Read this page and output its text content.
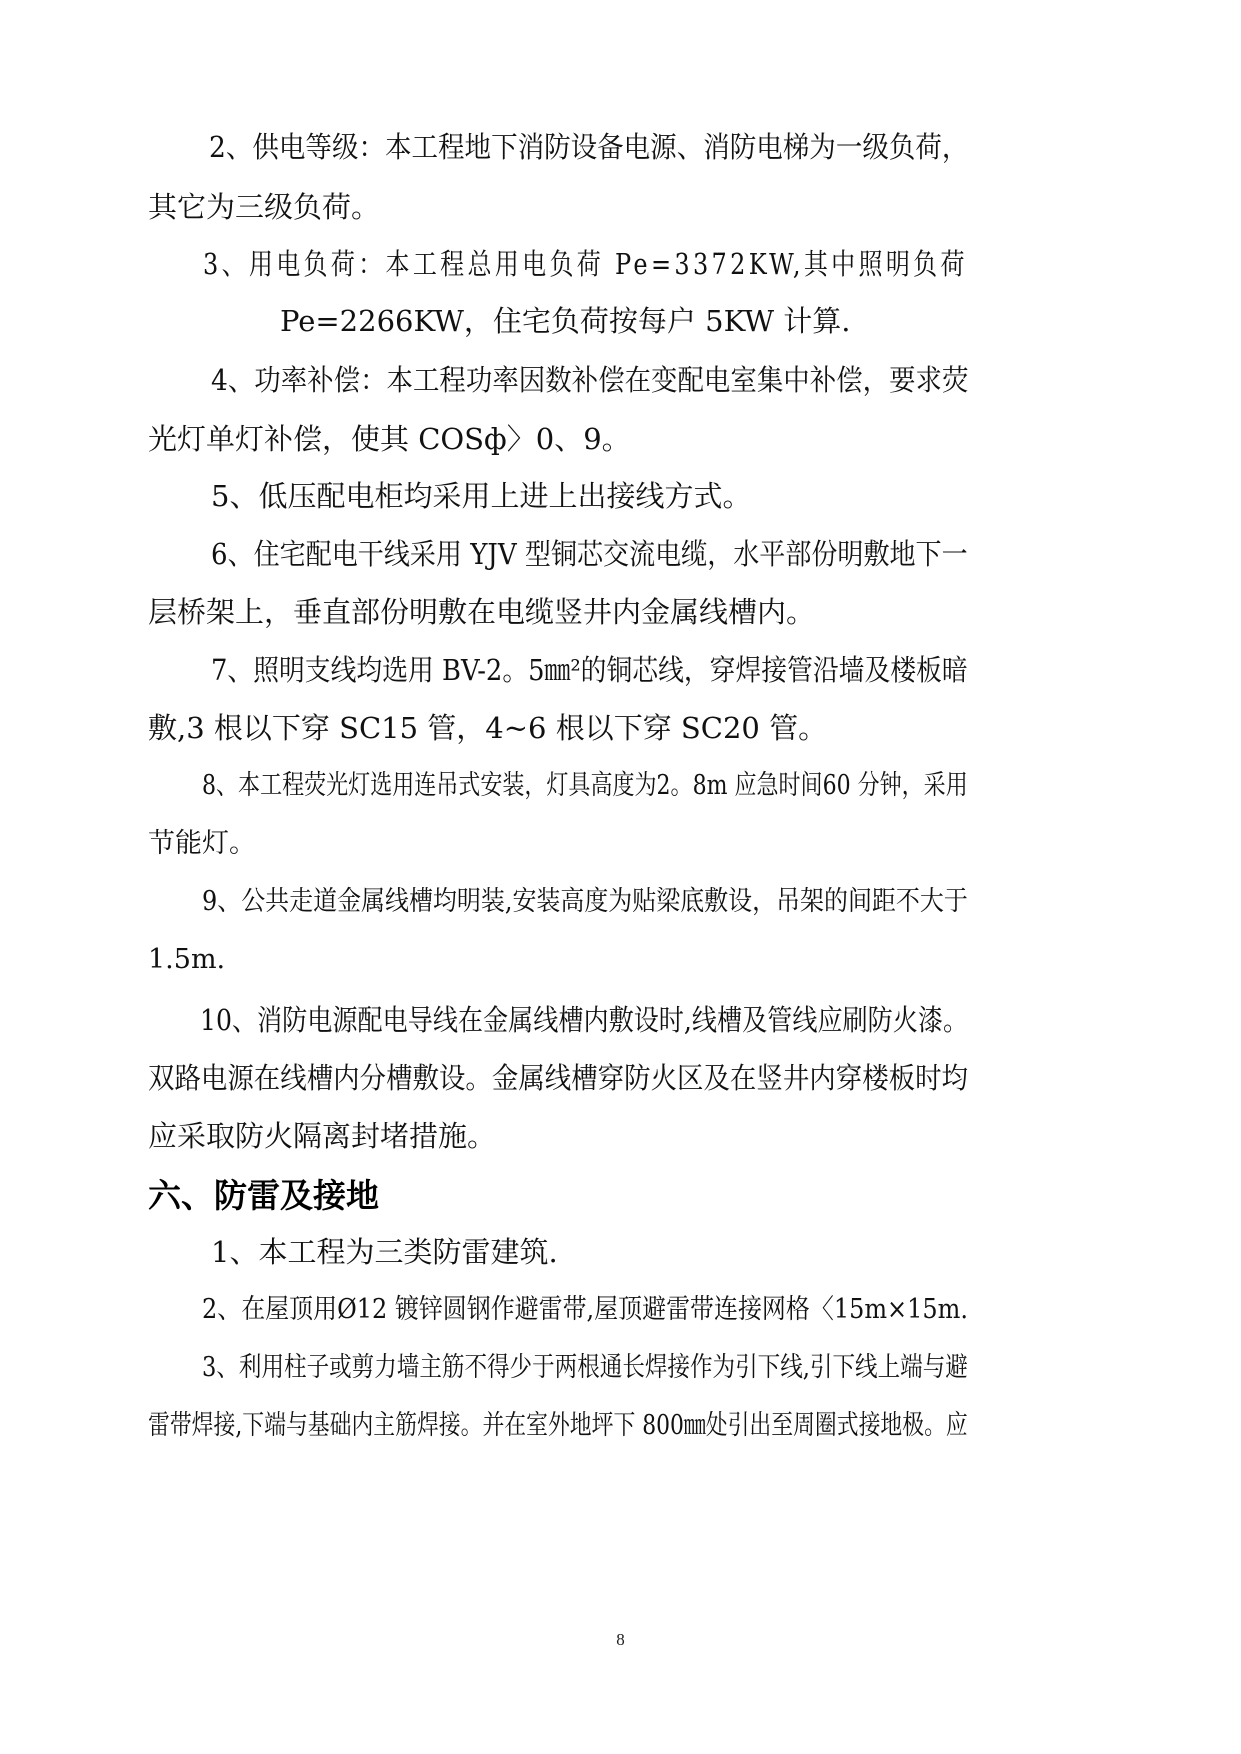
2、供电等级：本工程地下消防设备电源、消防电梯为一级负荷，
其它为三级负荷。
3、用电负荷：本工程总用电负荷 Pe=3372KW,其中照明负荷
Pe=2266KW，住宅负荷按每户 5KW 计算.
4、功率补偿：本工程功率因数补偿在变配电室集中补偿，要求荧
光灯单灯补偿，使其 COSф〉0、9。
5、低压配电柜均采用上进上出接线方式。
6、住宅配电干线采用 YJV 型铜芯交流电缆，水平部份明敷地下一
层桥架上，垂直部份明敷在电缆竖井内金属线槽内。
7、照明支线均选用 BV-2。5㎜²的铜芯线，穿焊接管沿墙及楼板暗
敷,3 根以下穿 SC15 管，4~6 根以下穿 SC20 管。
8、本工程荧光灯选用连吊式安装，灯具高度为2。8m 应急时间60 分钟，采用
节能灯。
9、公共走道金属线槽均明装,安装高度为贴梁底敷设，吊架的间距不大于
1.5m.
10、消防电源配电导线在金属线槽内敷设时,线槽及管线应刷防火漆。
双路电源在线槽内分槽敷设。金属线槽穿防火区及在竖井内穿楼板时均
应采取防火隔离封堵措施。
六、防雷及接地
1、本工程为三类防雷建筑.
2、在屋顶用Ø12 镀锌圆钢作避雷带,屋顶避雷带连接网格〈15m×15m.
3、利用柱子或剪力墙主筋不得少于两根通长焊接作为引下线,引下线上端与避
雷带焊接,下端与基础内主筋焊接。并在室外地坪下 800㎜处引出至周圈式接地极。应
8
